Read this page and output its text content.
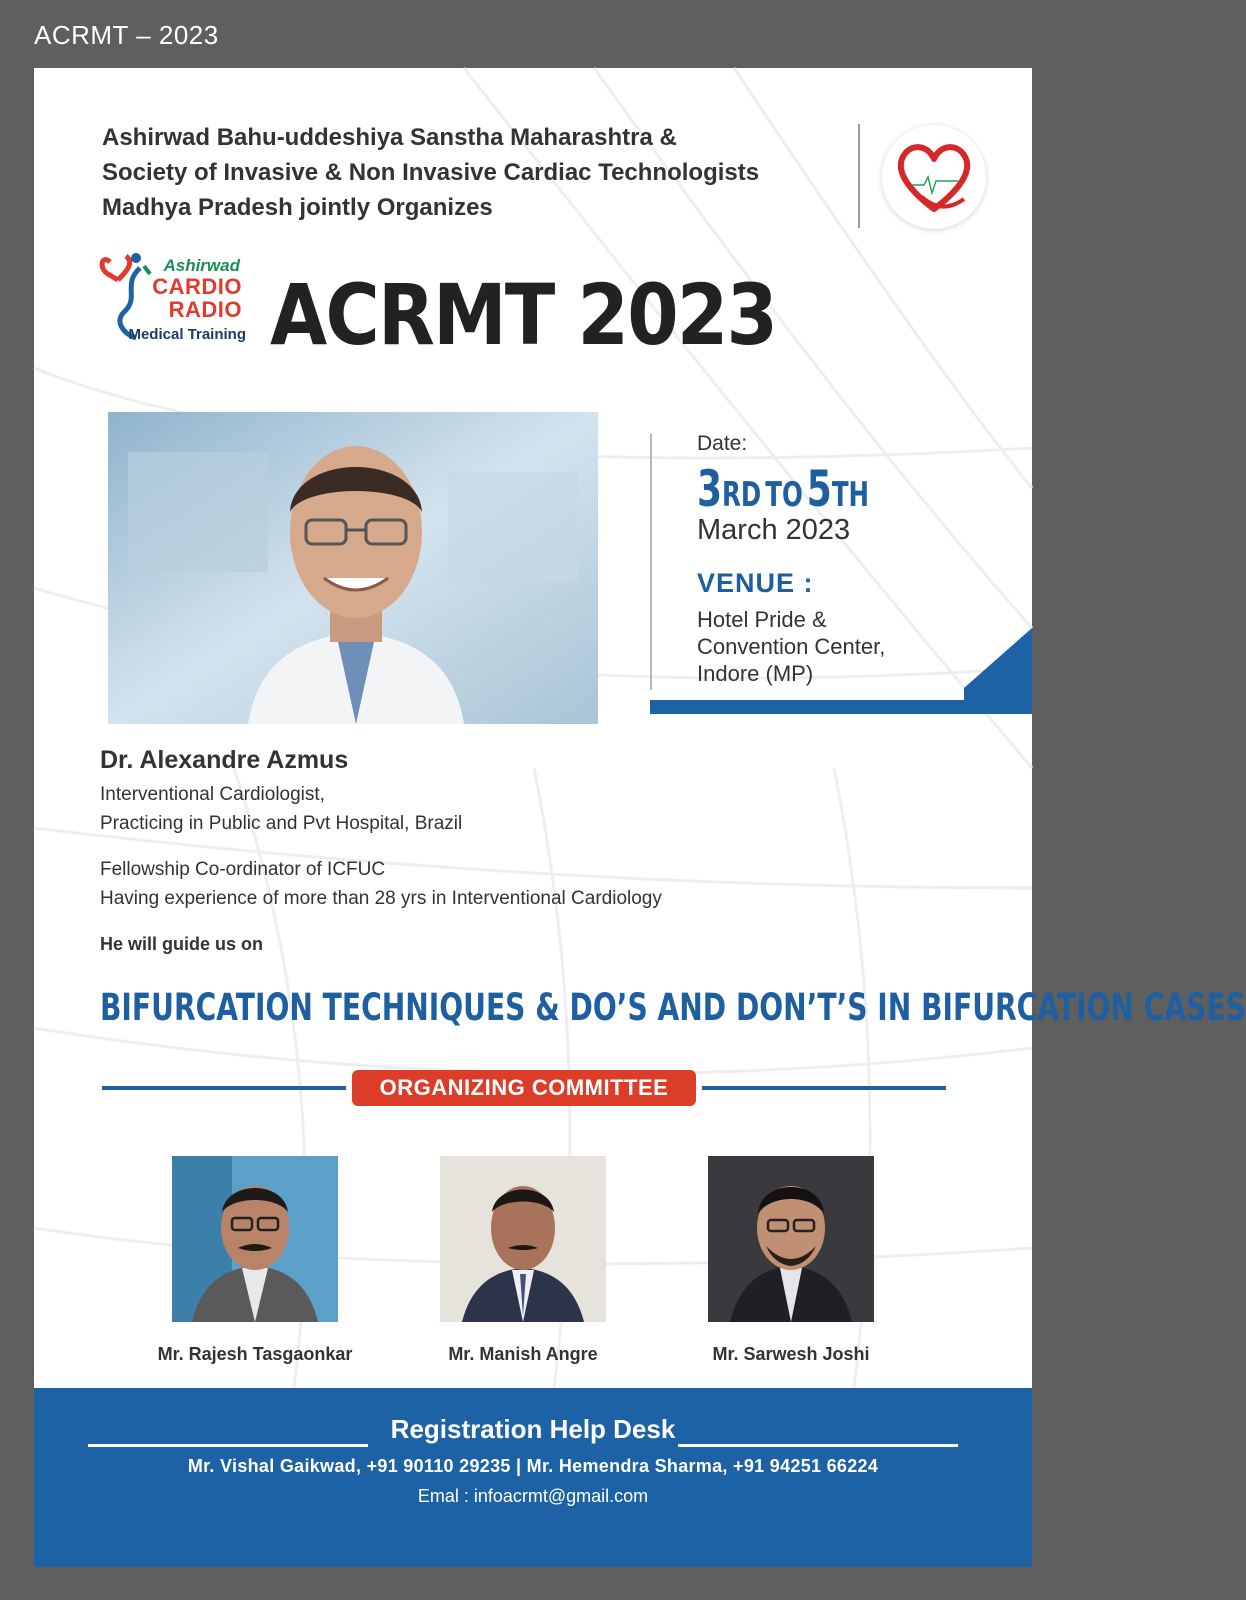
ACRMT – 2023
Ashirwad Bahu-uddeshiya Sanstha Maharashtra &
Society of Invasive & Non Invasive Cardiac Technologists
Madhya Pradesh jointly Organizes
Ashirwad
CARDIO
RADIO
Medical Training ACRMT 2023
Date:
3RD TO 5TH
March 2023
VENUE :
Hotel Pride &
Convention Center,
Indore (MP)
Dr. Alexandre Azmus
Interventional Cardiologist,
Practicing in Public and Pvt Hospital, Brazil
Fellowship Co-ordinator of ICFUC
Having experience of more than 28 yrs in Interventional Cardiology
He will guide us on
BIFURCATION TECHNIQUES & DO’S AND DON’T’S IN BIFURCATION CASES
ORGANIZING COMMITTEE
Mr. Rajesh Tasgaonkar	Mr. Manish Angre	Mr. Sarwesh Joshi
Registration Help Desk
Mr. Vishal Gaikwad, +91 90110 29235 | Mr. Hemendra Sharma, +91 94251 66224
Emal : infoacrmt@gmail.com
